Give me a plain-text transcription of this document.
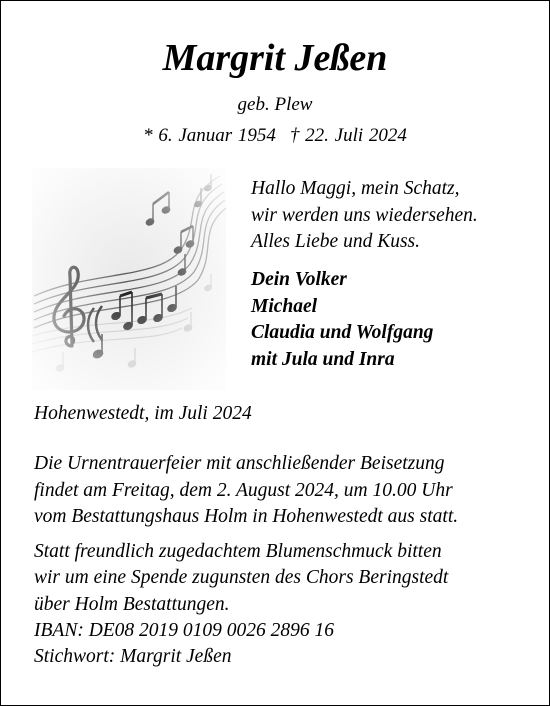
Margrit Jeßen
geb. Plew
* 6. Januar 1954 † 22. Juli 2024
Hallo Maggi, mein Schatz,
wir werden uns wiedersehen.
Alles Liebe und Kuss.
Dein Volker
Michael
Claudia und Wolfgang
mit Jula und Inra
Hohenwestedt, im Juli 2024
Die Urnentrauerfeier mit anschließender Beisetzung
findet am Freitag, dem 2. August 2024, um 10.00 Uhr
vom Bestattungshaus Holm in Hohenwestedt aus statt.
Statt freundlich zugedachtem Blumenschmuck bitten
wir um eine Spende zugunsten des Chors Beringstedt
über Holm Bestattungen.
IBAN: DE08 2019 0109 0026 2896 16
Stichwort: Margrit Jeßen
